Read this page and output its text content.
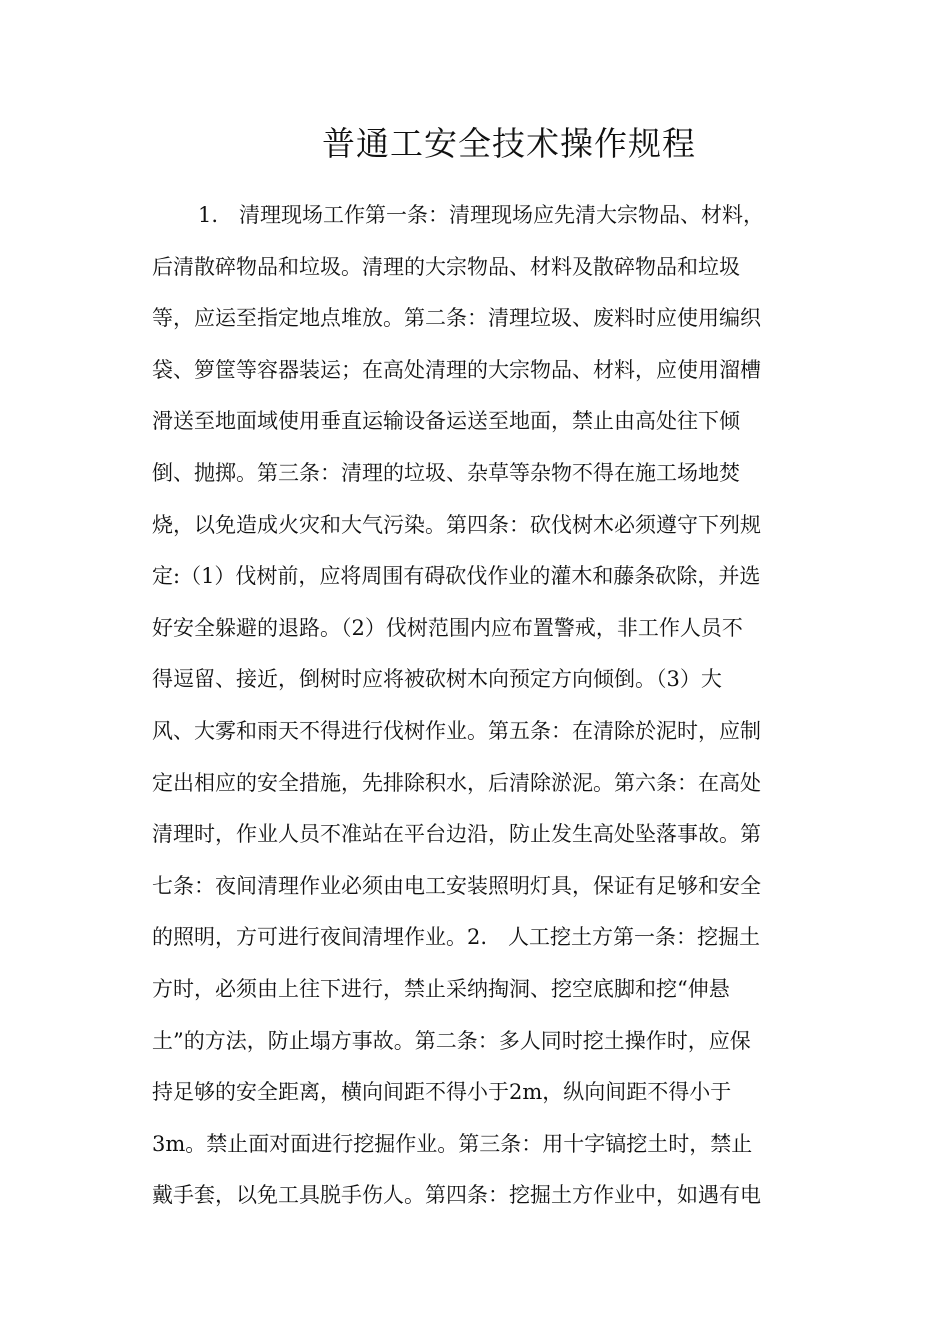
普通工安全技术操作规程
1.　清理现场工作第一条：清理现场应先清大宗物品、材料，
后清散碎物品和垃圾。清理的大宗物品、材料及散碎物品和垃圾
等，应运至指定地点堆放。第二条：清理垃圾、废料时应使用编织
袋、箩筐等容器装运；在高处清理的大宗物品、材料，应使用溜槽
滑送至地面域使用垂直运输设备运送至地面，禁止由高处往下倾
倒、抛掷。第三条：清理的垃圾、杂草等杂物不得在施工场地焚
烧，以免造成火灾和大气污染。第四条：砍伐树木必须遵守下列规
定:（1）伐树前，应将周围有碍砍伐作业的灌木和藤条砍除，并选
好安全躲避的退路。（2）伐树范围内应布置警戒，非工作人员不
得逗留、接近，倒树时应将被砍树木向预定方向倾倒。（3）大
风、大雾和雨天不得进行伐树作业。第五条：在清除於泥时，应制
定出相应的安全措施，先排除积水，后清除淤泥。第六条：在高处
清理时，作业人员不准站在平台边沿，防止发生高处坠落事故。第
七条：夜间清理作业必须由电工安装照明灯具，保证有足够和安全
的照明，方可进行夜间清埋作业。2.　人工挖土方第一条：挖掘土
方时，必须由上往下进行，禁止采纳掏洞、挖空底脚和挖“伸悬
土”的方法，防止塌方事故。第二条：多人同时挖土操作时，应保
持足够的安全距离，横向间距不得小于2m，纵向间距不得小于
3m。禁止面对面进行挖掘作业。第三条：用十字镐挖土时，禁止
戴手套，以免工具脱手伤人。第四条：挖掘土方作业中，如遇有电
